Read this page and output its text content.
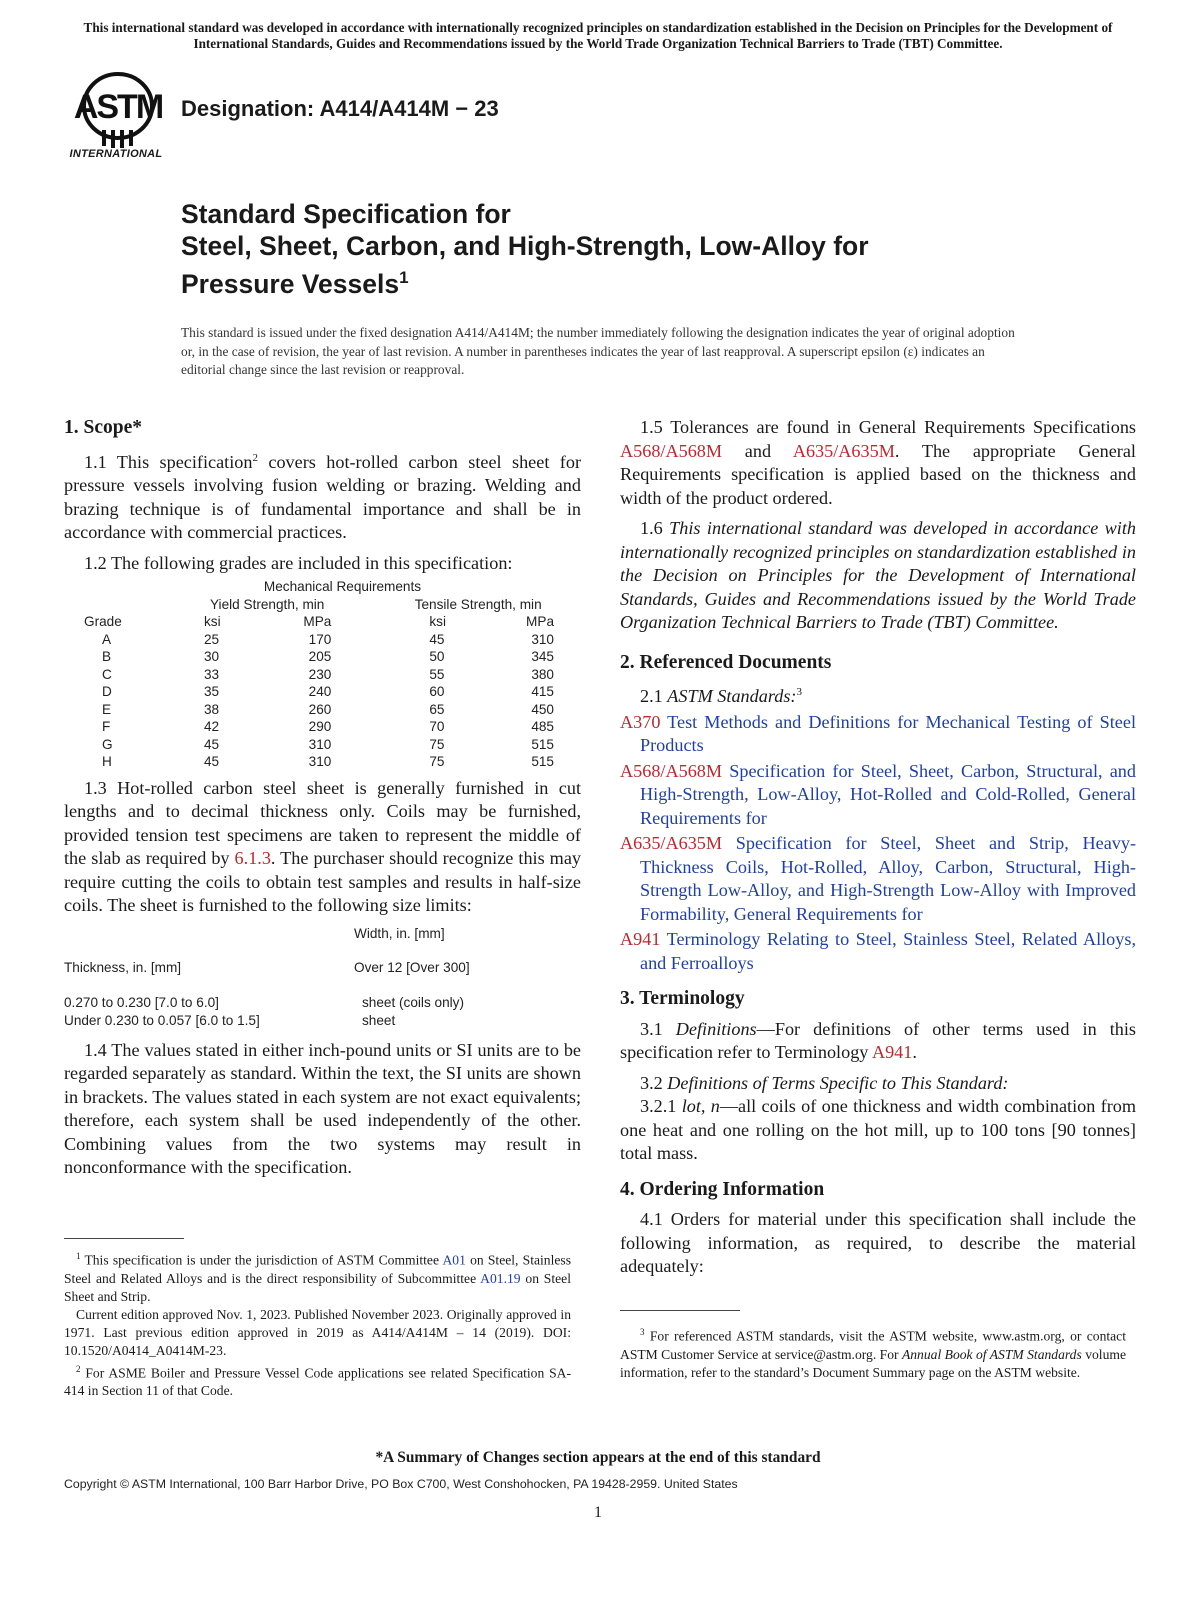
This international standard was developed in accordance with internationally recognized principles on standardization established in the Decision on Principles for the Development of International Standards, Guides and Recommendations issued by the World Trade Organization Technical Barriers to Trade (TBT) Committee.
ASTM
INTERNATIONAL
Designation: A414/A414M − 23
Standard Specification for
Steel, Sheet, Carbon, and High-Strength, Low-Alloy for
Pressure Vessels$^1$
This standard is issued under the fixed designation A414/A414M; the number immediately following the designation indicates the year of original adoption or, in the case of revision, the year of last revision. A number in parentheses indicates the year of last reapproval. A superscript epsilon (ε) indicates an editorial change since the last revision or reapproval.
1. Scope*

1.1 This specification$^2$ covers hot-rolled carbon steel sheet for pressure vessels involving fusion welding or brazing. Welding and brazing technique is of fundamental importance and shall be in accordance with commercial practices.

1.2 The following grades are included in this specification:

Mechanical Requirements
	Yield Strength, min		Tensile Strength, min	
Grade	ksi	MPa	ksi	MPa
A	25	170	45	310
B	30	205	50	345
C	33	230	55	380
D	35	240	60	415
E	38	260	65	450
F	42	290	70	485
G	45	310	75	515
H	45	310	75	515

1.3 Hot-rolled carbon steel sheet is generally furnished in cut lengths and to decimal thickness only. Coils may be furnished, provided tension test specimens are taken to represent the middle of the slab as required by 6.1.3. The purchaser should recognize this may require cutting the coils to obtain test samples and results in half-size coils. The sheet is furnished to the following size limits:

Width, in. [mm]
Thickness, in. [mm]	Over 12 [Over 300]
0.270 to 0.230 [7.0 to 6.0]	sheet (coils only)
Under 0.230 to 0.057 [6.0 to 1.5]	sheet

1.4 The values stated in either inch-pound units or SI units are to be regarded separately as standard. Within the text, the SI units are shown in brackets. The values stated in each system are not exact equivalents; therefore, each system shall be used independently of the other. Combining values from the two systems may result in nonconformance with the specification.

$^1$ This specification is under the jurisdiction of ASTM Committee A01 on Steel, Stainless Steel and Related Alloys and is the direct responsibility of Subcommittee A01.19 on Steel Sheet and Strip.
Current edition approved Nov. 1, 2023. Published November 2023. Originally approved in 1971. Last previous edition approved in 2019 as A414/A414M – 14 (2019). DOI: 10.1520/A0414_A0414M-23.
$^2$ For ASME Boiler and Pressure Vessel Code applications see related Specification SA-414 in Section 11 of that Code.

1.5 Tolerances are found in General Requirements Specifications A568/A568M and A635/A635M. The appropriate General Requirements specification is applied based on the thickness and width of the product ordered.

1.6 This international standard was developed in accordance with internationally recognized principles on standardization established in the Decision on Principles for the Development of International Standards, Guides and Recommendations issued by the World Trade Organization Technical Barriers to Trade (TBT) Committee.

2. Referenced Documents

2.1 ASTM Standards:$^3$

A370 Test Methods and Definitions for Mechanical Testing of Steel Products
A568/A568M Specification for Steel, Sheet, Carbon, Structural, and High-Strength, Low-Alloy, Hot-Rolled and Cold-Rolled, General Requirements for
A635/A635M Specification for Steel, Sheet and Strip, Heavy-Thickness Coils, Hot-Rolled, Alloy, Carbon, Structural, High-Strength Low-Alloy, and High-Strength Low-Alloy with Improved Formability, General Requirements for
A941 Terminology Relating to Steel, Stainless Steel, Related Alloys, and Ferroalloys
3. Terminology

3.1 Definitions—For definitions of other terms used in this specification refer to Terminology A941.

3.2 Definitions of Terms Specific to This Standard:

3.2.1 lot, n—all coils of one thickness and width combination from one heat and one rolling on the hot mill, up to 100 tons [90 tonnes] total mass.

4. Ordering Information

4.1 Orders for material under this specification shall include the following information, as required, to describe the material adequately:

$^3$ For referenced ASTM standards, visit the ASTM website, www.astm.org, or contact ASTM Customer Service at service@astm.org. For Annual Book of ASTM Standards volume information, refer to the standard’s Document Summary page on the ASTM website.
*A Summary of Changes section appears at the end of this standard
Copyright © ASTM International, 100 Barr Harbor Drive, PO Box C700, West Conshohocken, PA 19428-2959. United States
1
